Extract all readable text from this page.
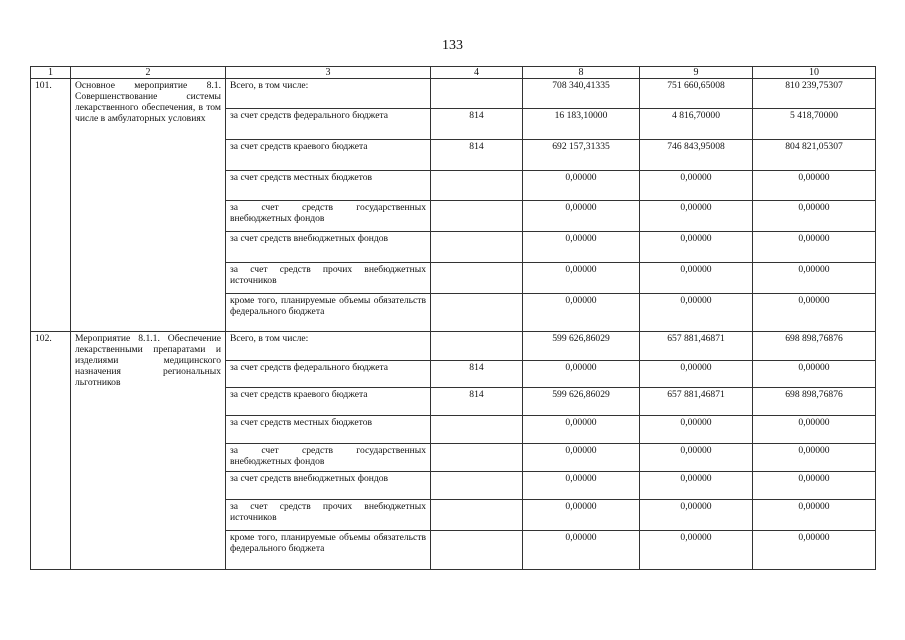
133
1	2	3	4	8	9	10
101.	Основное мероприятие 8.1. Совершенствование системы лекарственного обеспечения, в том числе в амбулаторных условиях	Всего, в том числе:		708 340,41335	751 660,65008	810 239,75307
		за счет средств федерального бюджета	814	16 183,10000	4 816,70000	5 418,70000
		за счет средств краевого бюджета	814	692 157,31335	746 843,95008	804 821,05307
		за счет средств местных бюджетов		0,00000	0,00000	0,00000
		за счет средств государственных внебюджетных фондов		0,00000	0,00000	0,00000
		за счет средств внебюджетных фондов		0,00000	0,00000	0,00000
		за счет средств прочих внебюджетных источников		0,00000	0,00000	0,00000
		кроме того, планируемые объемы обязательств федерального бюджета		0,00000	0,00000	0,00000
102.	Мероприятие 8.1.1. Обеспечение лекарственными препаратами и изделиями медицинского назначения региональных льготников	Всего, в том числе:		599 626,86029	657 881,46871	698 898,76876
		за счет средств федерального бюджета	814	0,00000	0,00000	0,00000
		за счет средств краевого бюджета	814	599 626,86029	657 881,46871	698 898,76876
		за счет средств местных бюджетов		0,00000	0,00000	0,00000
		за счет средств государственных внебюджетных фондов		0,00000	0,00000	0,00000
		за счет средств внебюджетных фондов		0,00000	0,00000	0,00000
		за счет средств прочих внебюджетных источников		0,00000	0,00000	0,00000
		кроме того, планируемые объемы обязательств федерального бюджета		0,00000	0,00000	0,00000
